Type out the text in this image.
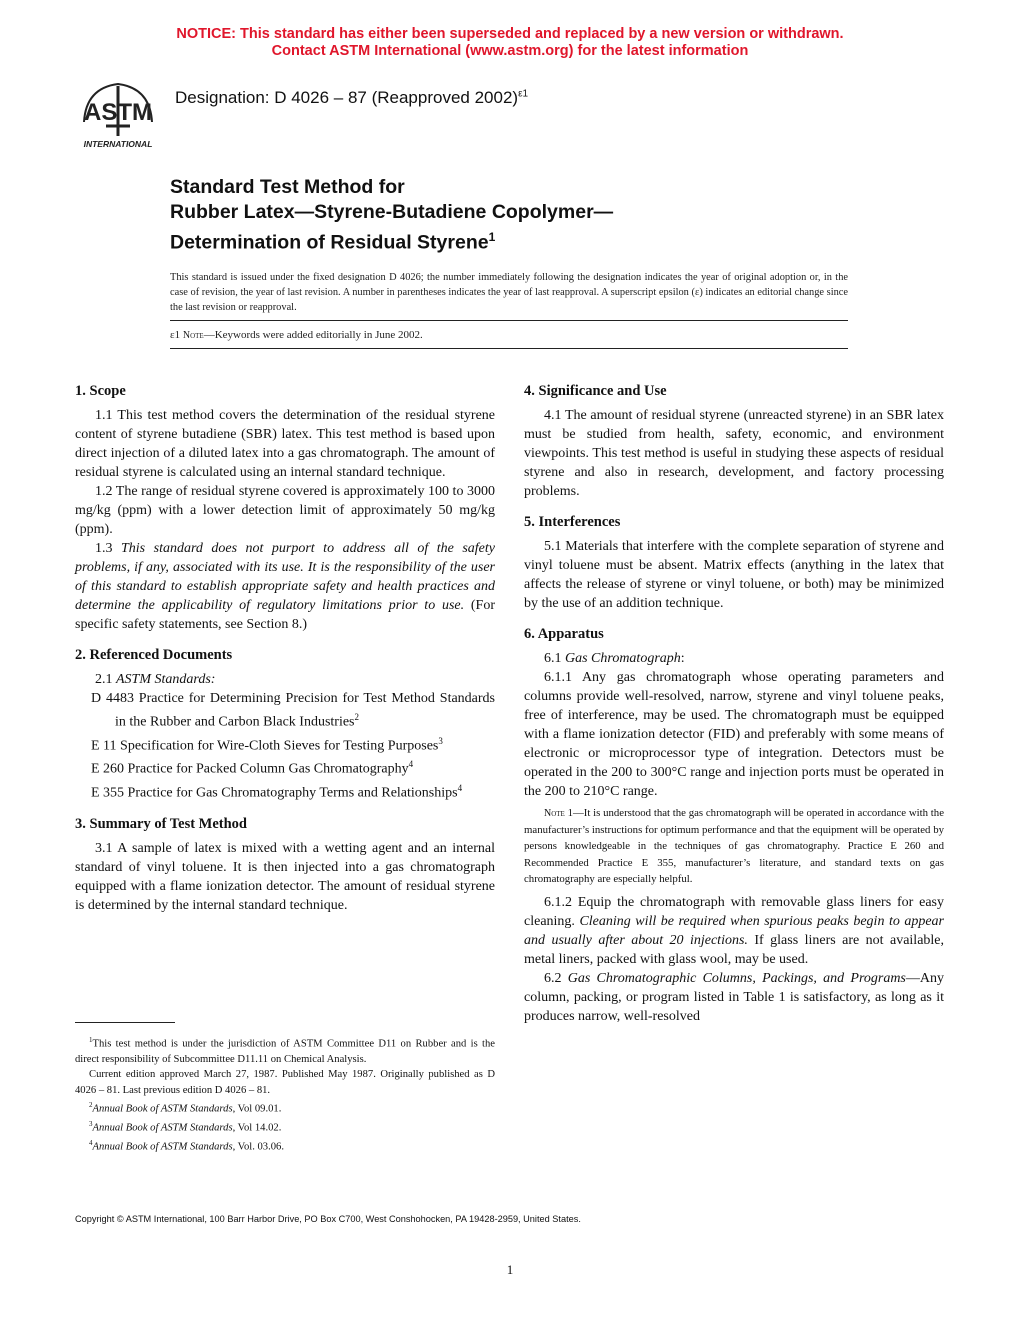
NOTICE: This standard has either been superseded and replaced by a new version or withdrawn.
Contact ASTM International (www.astm.org) for the latest information
ASTM
INTERNATIONAL
Designation: D 4026 – 87 (Reapproved 2002)$^{\varepsilon 1}$
Standard Test Method for
Rubber Latex—Styrene-Butadiene Copolymer—
Determination of Residual Styrene$^1$
This standard is issued under the fixed designation D 4026; the number immediately following the designation indicates the year of original adoption or, in the case of revision, the year of last revision. A number in parentheses indicates the year of last reapproval. A superscript epsilon (ε) indicates an editorial change since the last revision or reapproval.
ε1 Note—Keywords were added editorially in June 2002.
1. Scope

1.1 This test method covers the determination of the residual styrene content of styrene butadiene (SBR) latex. This test method is based upon direct injection of a diluted latex into a gas chromatograph. The amount of residual styrene is calculated using an internal standard technique.

1.2 The range of residual styrene covered is approximately 100 to 3000 mg/kg (ppm) with a lower detection limit of approximately 50 mg/kg (ppm).

1.3 This standard does not purport to address all of the safety problems, if any, associated with its use. It is the responsibility of the user of this standard to establish appropriate safety and health practices and determine the applicability of regulatory limitations prior to use. (For specific safety statements, see Section 8.)

2. Referenced Documents

2.1 ASTM Standards:

D 4483 Practice for Determining Precision for Test Method Standards in the Rubber and Carbon Black Industries$^2$

E 11 Specification for Wire-Cloth Sieves for Testing Purposes$^3$

E 260 Practice for Packed Column Gas Chromatography$^4$

E 355 Practice for Gas Chromatography Terms and Relationships$^4$

3. Summary of Test Method

3.1 A sample of latex is mixed with a wetting agent and an internal standard of vinyl toluene. It is then injected into a gas chromatograph equipped with a flame ionization detector. The amount of residual styrene is determined by the internal standard technique.

$^1$This test method is under the jurisdiction of ASTM Committee D11 on Rubber and is the direct responsibility of Subcommittee D11.11 on Chemical Analysis.

Current edition approved March 27, 1987. Published May 1987. Originally published as D 4026 – 81. Last previous edition D 4026 – 81.

$^2$Annual Book of ASTM Standards, Vol 09.01.

$^3$Annual Book of ASTM Standards, Vol 14.02.

$^4$Annual Book of ASTM Standards, Vol. 03.06.

4. Significance and Use

4.1 The amount of residual styrene (unreacted styrene) in an SBR latex must be studied from health, safety, economic, and environment viewpoints. This test method is useful in studying these aspects of residual styrene and also in research, development, and factory processing problems.

5. Interferences

5.1 Materials that interfere with the complete separation of styrene and vinyl toluene must be absent. Matrix effects (anything in the latex that affects the release of styrene or vinyl toluene, or both) may be minimized by the use of an addition technique.

6. Apparatus

6.1 Gas Chromatograph:

6.1.1 Any gas chromatograph whose operating parameters and columns provide well-resolved, narrow, styrene and vinyl toluene peaks, free of interference, may be used. The chromatograph must be equipped with a flame ionization detector (FID) and preferably with some means of electronic or microprocessor type of integration. Detectors must be operated in the 200 to 300°C range and injection ports must be operated in the 200 to 210°C range.

Note 1—It is understood that the gas chromatograph will be operated in accordance with the manufacturer’s instructions for optimum performance and that the equipment will be operated by persons knowledgeable in the techniques of gas chromatography. Practice E 260 and Recommended Practice E 355, manufacturer’s literature, and standard texts on gas chromatography are especially helpful.

6.1.2 Equip the chromatograph with removable glass liners for easy cleaning. Cleaning will be required when spurious peaks begin to appear and usually after about 20 injections. If glass liners are not available, metal liners, packed with glass wool, may be used.

6.2 Gas Chromatographic Columns, Packings, and Programs—Any column, packing, or program listed in Table 1 is satisfactory, as long as it produces narrow, well-resolved

Copyright © ASTM International, 100 Barr Harbor Drive, PO Box C700, West Conshohocken, PA 19428-2959, United States.
1
